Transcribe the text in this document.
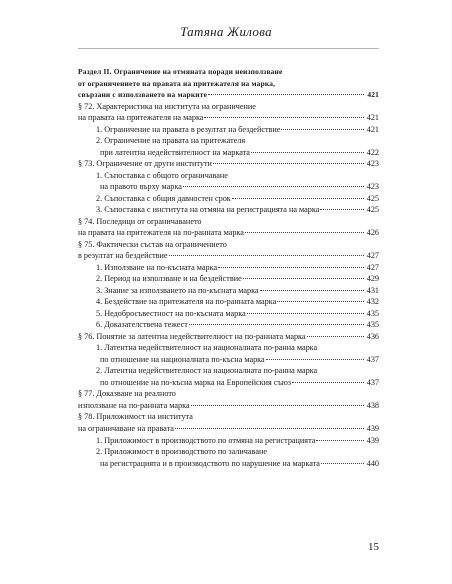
Татяна Жилова
Раздел II. Ограничение на отмяната поради неизползване
от ограничението на правата на притежателя на марка,
свързани с използването на марките	421
§ 72. Характеристика на института на ограничение
на правата на притежателя на марка	421
1. Ограничение на правата в резултат на бездействие	421
2. Ограничение на правата на притежателя
при латентна недействителност на марката	422
§ 73. Ограничение от други институти	423
1. Съпоставка с общото ограничаване
на правото върху марка	423
2. Съпоставка с общия давностен срок	425
3. Съпоставка с института на отмяна на регистрацията на марка	425
§ 74. Последици от ограничаването
на правата на притежателя на по-ранната марка	426
§ 75. Фактически състав на ограничението
в резултат на бездействие	427
1. Използване на по-късната марка	427
2. Период на използване и на бездействие	429
3. Знание за използването на по-късната марка	431
4. Бездействие на притежателя на по-ранната марка	432
5. Недобросъвестност на по-късната марка	435
6. Доказателствена тежест	435
§ 76. Понятие за латентна недействителност на по-ранната марка	436
1. Латентна недействителност на националната по-ранна марка
по отношение на националната по-късна марка	437
2. Латентна недействителност на националната по-ранна марка
по отношение на по-късна марка на Европейския съюз	437
§ 77. Доказване на реалното
използване на по-ранната марка	438
§ 78. Приложимост на института
на ограничаване на правата	439
1. Приложимост в производството по отмяна на регистрацията	439
2. Приложимост в производството по заличаване
на регистрацията и в производството по нарушение на марката	440
15
